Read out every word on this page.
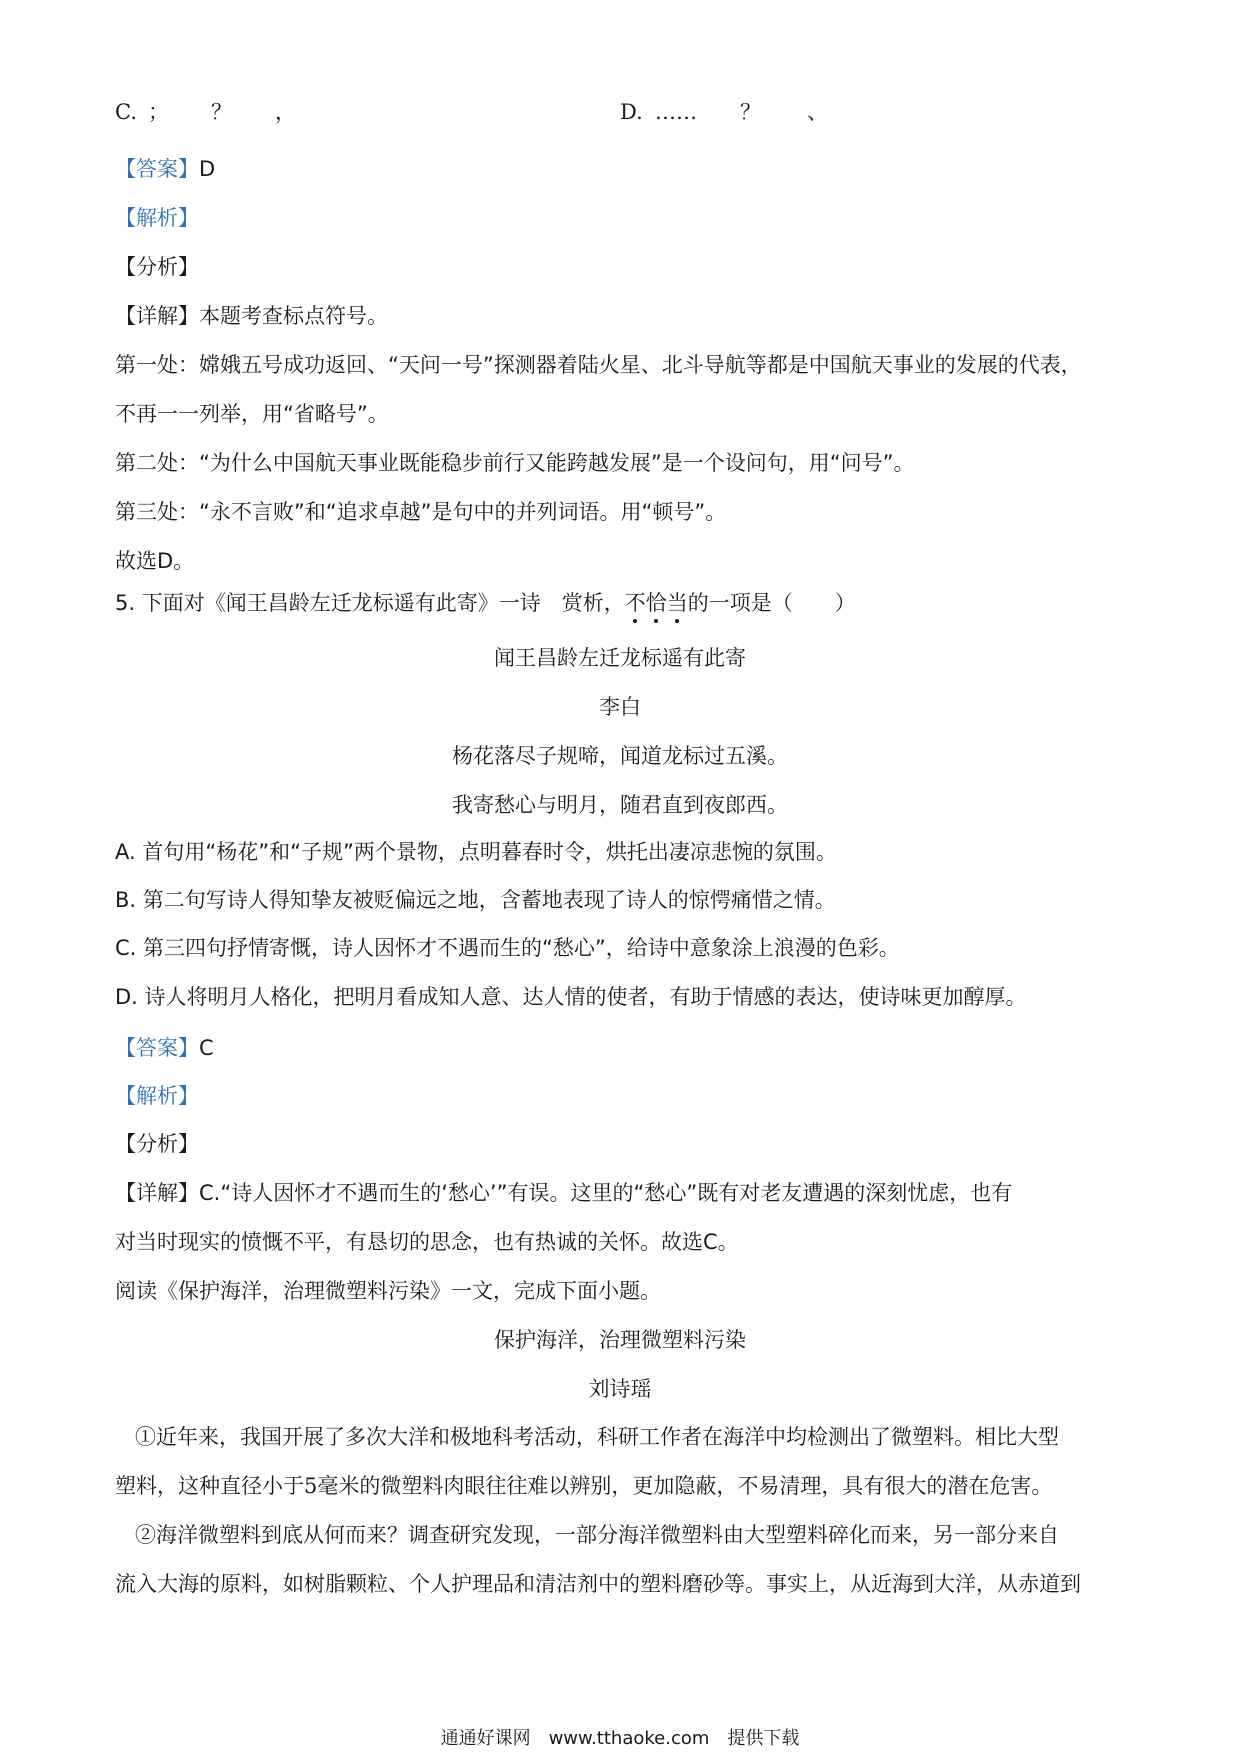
C. ； ？ ，	D. …… ？ 、
【答案】D
【解析】
【分析】
【详解】本题考查标点符号。
第一处：嫦娥五号成功返回、“天问一号”探测器着陆火星、北斗导航等都是中国航天事业的发展的代表，
不再一一列举，用“省略号”。
第二处：“为什么中国航天事业既能稳步前行又能跨越发展”是一个设问句，用“问号”。
第三处：“永不言败”和“追求卓越”是句中的并列词语。用“顿号”。
故选D。
5. 下面对《闻王昌龄左迁龙标遥有此寄》一诗　赏析，不恰当的一项是（　　）
闻王昌龄左迁龙标遥有此寄
李白
杨花落尽子规啼，闻道龙标过五溪。
我寄愁心与明月，随君直到夜郎西。
A. 首句用“杨花”和“子规”两个景物，点明暮春时令，烘托出凄凉悲惋的氛围。
B. 第二句写诗人得知挚友被贬偏远之地，含蓄地表现了诗人的惊愕痛惜之情。
C. 第三四句抒情寄慨，诗人因怀才不遇而生的“愁心”，给诗中意象涂上浪漫的色彩。
D. 诗人将明月人格化，把明月看成知人意、达人情的使者，有助于情感的表达，使诗味更加醇厚。
【答案】C
【解析】
【分析】
【详解】C.“诗人因怀才不遇而生的‘愁心’”有误。这里的“愁心”既有对老友遭遇的深刻忧虑，也有
对当时现实的愤慨不平，有恳切的思念，也有热诚的关怀。故选C。
阅读《保护海洋，治理微塑料污染》一文，完成下面小题。
保护海洋，治理微塑料污染
刘诗瑶
①近年来，我国开展了多次大洋和极地科考活动，科研工作者在海洋中均检测出了微塑料。相比大型
塑料，这种直径小于5毫米的微塑料肉眼往往难以辨别，更加隐蔽，不易清理，具有很大的潜在危害。
②海洋微塑料到底从何而来？调查研究发现，一部分海洋微塑料由大型塑料碎化而来，另一部分来自
流入大海的原料，如树脂颗粒、个人护理品和清洁剂中的塑料磨砂等。事实上，从近海到大洋，从赤道到
通通好课网　www.tthaoke.com　提供下载
